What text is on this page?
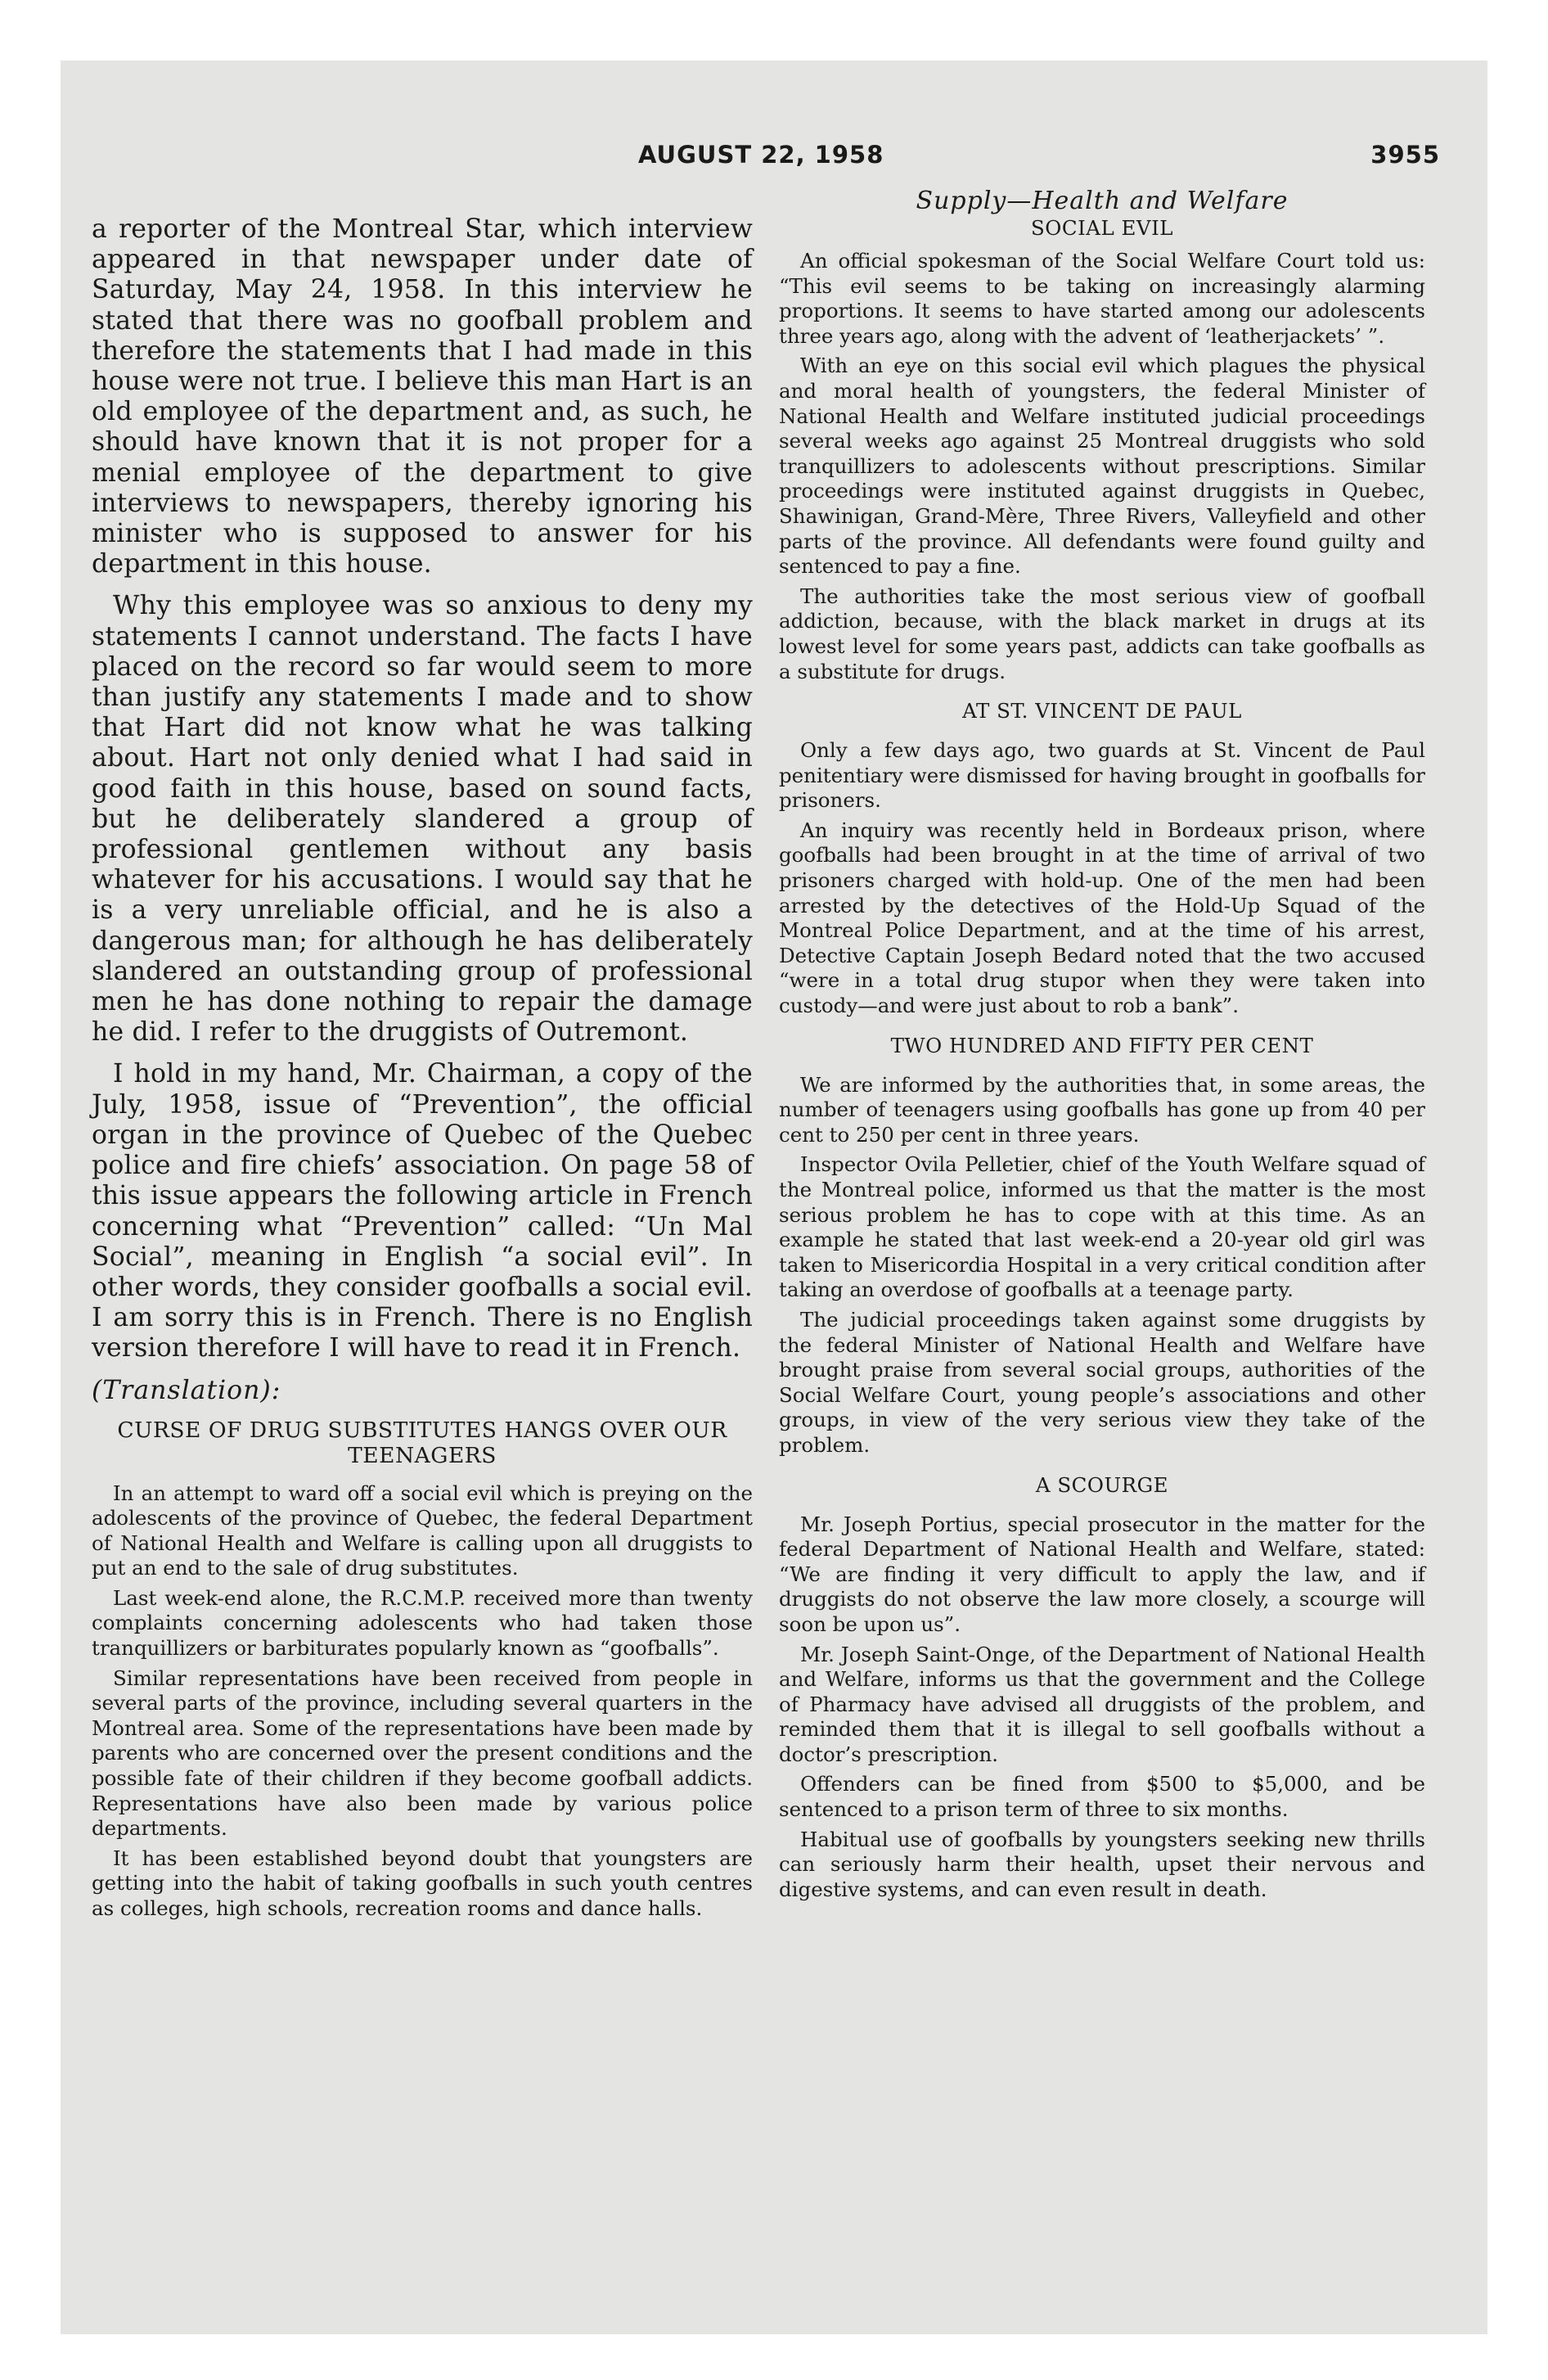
AUGUST 22, 1958	3955

a reporter of the Montreal Star, which interview appeared in that newspaper under date of Saturday, May 24, 1958. In this interview he stated that there was no goofball problem and therefore the statements that I had made in this house were not true. I believe this man Hart is an old employee of the department and, as such, he should have known that it is not proper for a menial employee of the department to give interviews to newspapers, thereby ignoring his minister who is supposed to answer for his department in this house.

Why this employee was so anxious to deny my statements I cannot understand. The facts I have placed on the record so far would seem to more than justify any statements I made and to show that Hart did not know what he was talking about. Hart not only denied what I had said in good faith in this house, based on sound facts, but he deliberately slandered a group of professional gentlemen without any basis whatever for his accusations. I would say that he is a very unreliable official, and he is also a dangerous man; for although he has deliberately slandered an outstanding group of professional men he has done nothing to repair the damage he did. I refer to the druggists of Outremont.

I hold in my hand, Mr. Chairman, a copy of the July, 1958, issue of “Prevention”, the official organ in the province of Quebec of the Quebec police and fire chiefs’ association. On page 58 of this issue appears the following article in French concerning what “Prevention” called: “Un Mal Social”, meaning in English “a social evil”. In other words, they consider goofballs a social evil. I am sorry this is in French. There is no English version therefore I will have to read it in French.

(Translation):

CURSE OF DRUG SUBSTITUTES HANGS OVER OUR TEENAGERS

In an attempt to ward off a social evil which is preying on the adolescents of the province of Quebec, the federal Department of National Health and Welfare is calling upon all druggists to put an end to the sale of drug substitutes.

Last week-end alone, the R.C.M.P. received more than twenty complaints concerning adolescents who had taken those tranquillizers or barbiturates popularly known as “goofballs”.

Similar representations have been received from people in several parts of the province, including several quarters in the Montreal area. Some of the representations have been made by parents who are concerned over the present conditions and the possible fate of their children if they become goofball addicts. Representations have also been made by various police departments.

It has been established beyond doubt that youngsters are getting into the habit of taking goofballs in such youth centres as colleges, high schools, recreation rooms and dance halls.

Supply—Health and Welfare

SOCIAL EVIL

An official spokesman of the Social Welfare Court told us: “This evil seems to be taking on increasingly alarming proportions. It seems to have started among our adolescents three years ago, along with the advent of ‘leatherjackets’ ”.

With an eye on this social evil which plagues the physical and moral health of youngsters, the federal Minister of National Health and Welfare instituted judicial proceedings several weeks ago against 25 Montreal druggists who sold tranquillizers to adolescents without prescriptions. Similar proceedings were instituted against druggists in Quebec, Shawinigan, Grand-Mère, Three Rivers, Valleyfield and other parts of the province. All defendants were found guilty and sentenced to pay a fine.

The authorities take the most serious view of goofball addiction, because, with the black market in drugs at its lowest level for some years past, addicts can take goofballs as a substitute for drugs.

AT ST. VINCENT DE PAUL

Only a few days ago, two guards at St. Vincent de Paul penitentiary were dismissed for having brought in goofballs for prisoners.

An inquiry was recently held in Bordeaux prison, where goofballs had been brought in at the time of arrival of two prisoners charged with hold-up. One of the men had been arrested by the detectives of the Hold-Up Squad of the Montreal Police Department, and at the time of his arrest, Detective Captain Joseph Bedard noted that the two accused “were in a total drug stupor when they were taken into custody—and were just about to rob a bank”.

TWO HUNDRED AND FIFTY PER CENT

We are informed by the authorities that, in some areas, the number of teenagers using goofballs has gone up from 40 per cent to 250 per cent in three years.

Inspector Ovila Pelletier, chief of the Youth Welfare squad of the Montreal police, informed us that the matter is the most serious problem he has to cope with at this time. As an example he stated that last week-end a 20-year old girl was taken to Misericordia Hospital in a very critical condition after taking an overdose of goofballs at a teenage party.

The judicial proceedings taken against some druggists by the federal Minister of National Health and Welfare have brought praise from several social groups, authorities of the Social Welfare Court, young people’s associations and other groups, in view of the very serious view they take of the problem.

A SCOURGE

Mr. Joseph Portius, special prosecutor in the matter for the federal Department of National Health and Welfare, stated: “We are finding it very difficult to apply the law, and if druggists do not observe the law more closely, a scourge will soon be upon us”.

Mr. Joseph Saint-Onge, of the Department of National Health and Welfare, informs us that the government and the College of Pharmacy have advised all druggists of the problem, and reminded them that it is illegal to sell goofballs without a doctor’s prescription.

Offenders can be fined from $500 to $5,000, and be sentenced to a prison term of three to six months.

Habitual use of goofballs by youngsters seeking new thrills can seriously harm their health, upset their nervous and digestive systems, and can even result in death.
